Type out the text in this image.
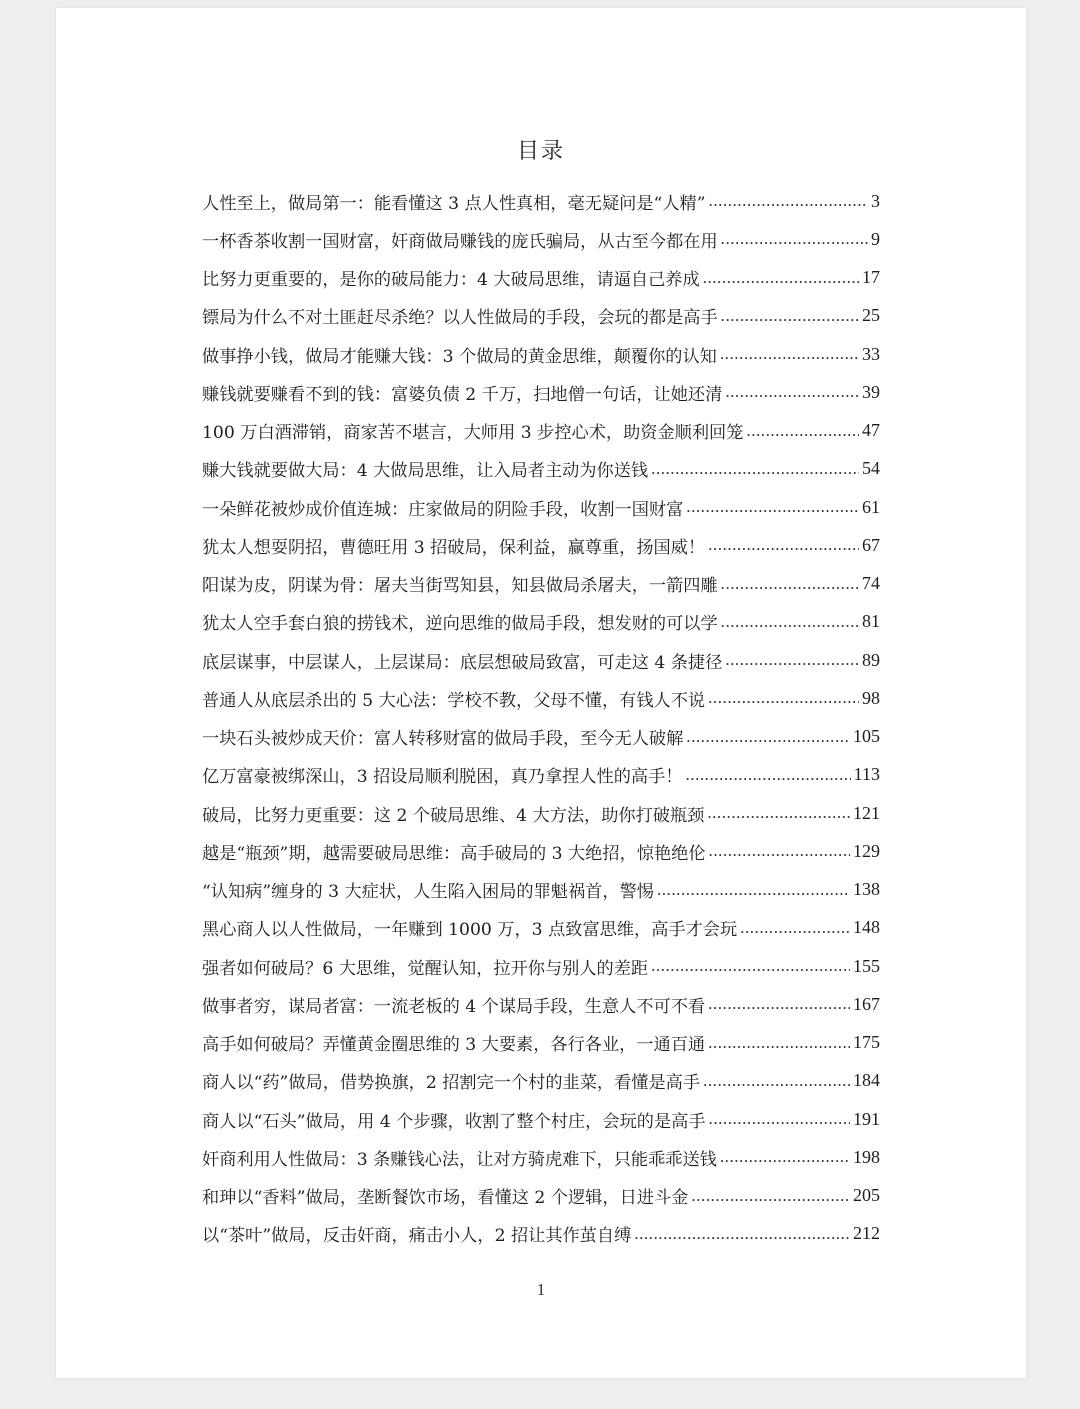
目录
人性至上，做局第一：能看懂这 3 点人性真相，毫无疑问是“人精” .....	3
一杯香茶收割一国财富，奸商做局赚钱的庞氏骗局，从古至今都在用 .....	9
比努力更重要的，是你的破局能力：4 大破局思维，请逼自己养成 .....	17
镖局为什么不对土匪赶尽杀绝？以人性做局的手段，会玩的都是高手 .....	25
做事挣小钱，做局才能赚大钱：3 个做局的黄金思维，颠覆你的认知 .....	33
赚钱就要赚看不到的钱：富婆负债 2 千万，扫地僧一句话，让她还清 .....	39
100 万白酒滞销，商家苦不堪言，大师用 3 步控心术，助资金顺利回笼 .....	47
赚大钱就要做大局：4 大做局思维，让入局者主动为你送钱 .....	54
一朵鲜花被炒成价值连城：庄家做局的阴险手段，收割一国财富 .....	61
犹太人想耍阴招，曹德旺用 3 招破局，保利益，赢尊重，扬国威！ .....	67
阳谋为皮，阴谋为骨：屠夫当街骂知县，知县做局杀屠夫，一箭四雕 .....	74
犹太人空手套白狼的捞钱术，逆向思维的做局手段，想发财的可以学 .....	81
底层谋事，中层谋人，上层谋局：底层想破局致富，可走这 4 条捷径 .....	89
普通人从底层杀出的 5 大心法：学校不教，父母不懂，有钱人不说 .....	98
一块石头被炒成天价：富人转移财富的做局手段，至今无人破解 .....	105
亿万富豪被绑深山，3 招设局顺利脱困，真乃拿捏人性的高手！ .....	113
破局，比努力更重要：这 2 个破局思维、4 大方法，助你打破瓶颈 .....	121
越是“瓶颈”期，越需要破局思维：高手破局的 3 大绝招，惊艳绝伦 .....	129
“认知病”缠身的 3 大症状，人生陷入困局的罪魁祸首，警惕 .....	138
黑心商人以人性做局，一年赚到 1000 万，3 点致富思维，高手才会玩 .....	148
强者如何破局？6 大思维，觉醒认知，拉开你与别人的差距 .....	155
做事者穷，谋局者富：一流老板的 4 个谋局手段，生意人不可不看 .....	167
高手如何破局？弄懂黄金圈思维的 3 大要素，各行各业，一通百通 .....	175
商人以“药”做局，借势换旗，2 招割完一个村的韭菜，看懂是高手 .....	184
商人以“石头”做局，用 4 个步骤，收割了整个村庄，会玩的是高手 .....	191
奸商利用人性做局：3 条赚钱心法，让对方骑虎难下，只能乖乖送钱 .....	198
和珅以“香料”做局，垄断餐饮市场，看懂这 2 个逻辑，日进斗金 .....	205
以“茶叶”做局，反击奸商，痛击小人，2 招让其作茧自缚 .....	212
1
